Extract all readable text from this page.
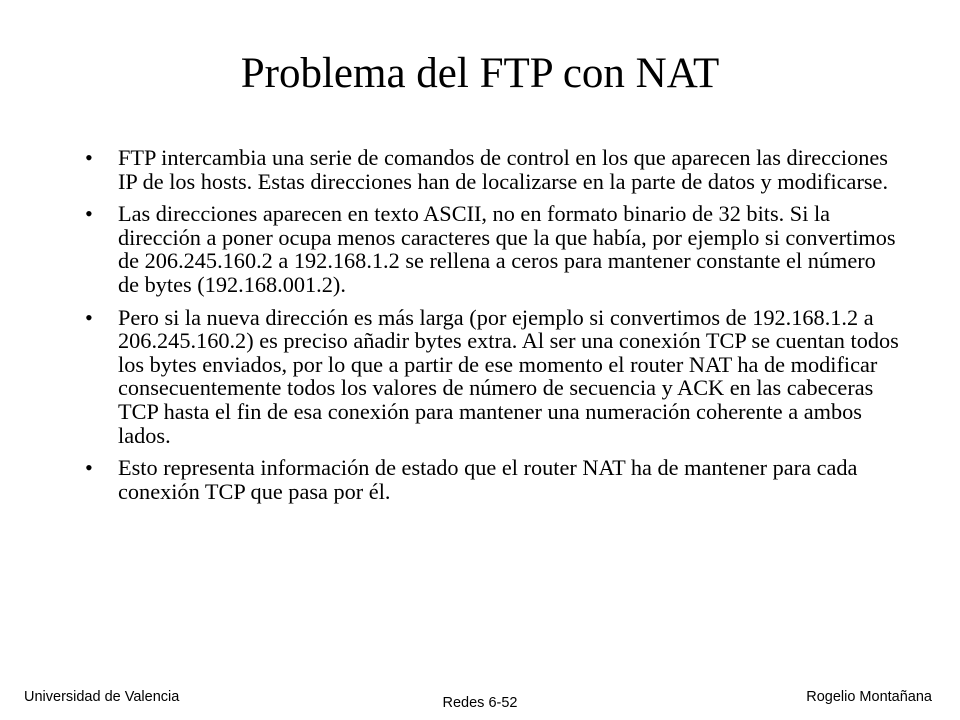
Problema del FTP con NAT
• FTP intercambia una serie de comandos de control en los que aparecen las direcciones IP de los hosts. Estas direcciones han de localizarse en la parte de datos y modificarse.
• Las direcciones aparecen en texto ASCII, no en formato binario de 32 bits. Si la dirección a poner ocupa menos caracteres que la que había, por ejemplo si convertimos de 206.245.160.2 a 192.168.1.2 se rellena a ceros para mantener constante el número de bytes (192.168.001.2).
• Pero si la nueva dirección es más larga (por ejemplo si convertimos de 192.168.1.2 a 206.245.160.2) es preciso añadir bytes extra. Al ser una conexión TCP se cuentan todos los bytes enviados, por lo que a partir de ese momento el router NAT ha de modificar consecuentemente todos los valores de número de secuencia y ACK en las cabeceras TCP hasta el fin de esa conexión para mantener una numeración coherente a ambos lados.
• Esto representa información de estado que el router NAT ha de mantener para cada conexión TCP que pasa por él.
Universidad de Valencia	Redes 6-52	Rogelio Montañana
